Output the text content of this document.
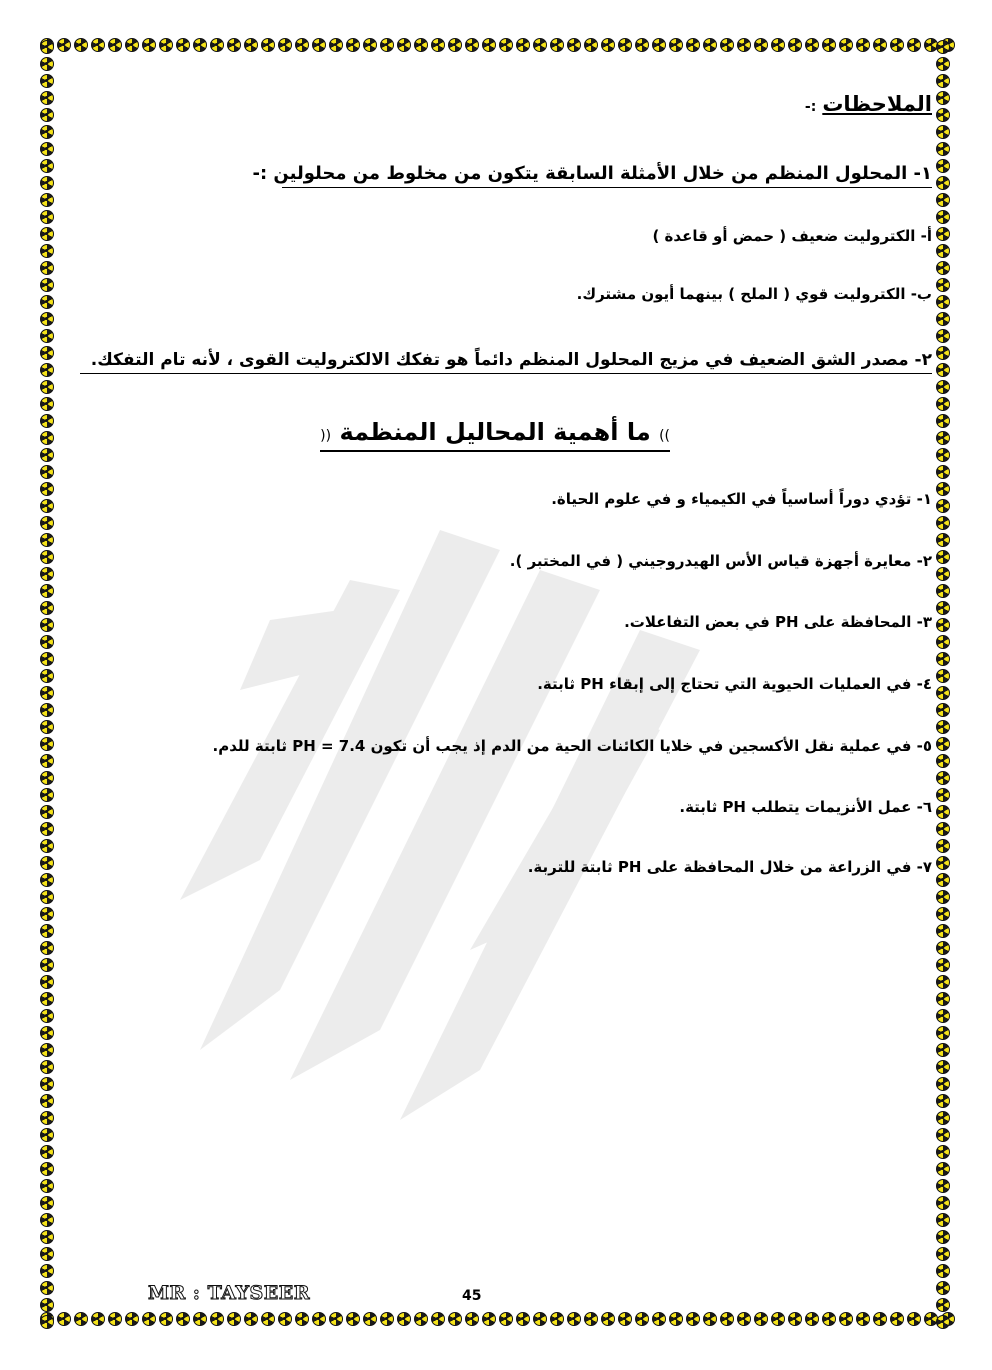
الملاحظات:-
١- المحلول المنظم من خلال الأمثلة السابقة يتكون من مخلوط من محلولين :-
أ- الكتروليت ضعيف ( حمض أو قاعدة )
ب- الكتروليت قوي ( الملح ) بينهما أيون مشترك.
٢- مصدر الشق الضعيف في مزيج المحلول المنظم دائماً هو تفكك الالكتروليت القوى ، لأنه تام التفكك.
)) ما أهمية المحاليل المنظمة ((
١- تؤدي دوراً أساسياً في الكيمياء و في علوم الحياة.
٢- معايرة أجهزة قياس الأس الهيدروجيني ( في المختبر ).
٣- المحافظة على PH في بعض التفاعلات.
٤- في العمليات الحيوية التي تحتاج إلى إبقاء PH ثابتة.
٥- في عملية نقل الأكسجين في خلايا الكائنات الحية من الدم إذ يجب أن تكون PH = 7.4 ثابتة للدم.
٦- عمل الأنزيمات يتطلب PH ثابتة.
٧- في الزراعة من خلال المحافظة على PH ثابتة للتربة.
MR : TAYSEER	45
